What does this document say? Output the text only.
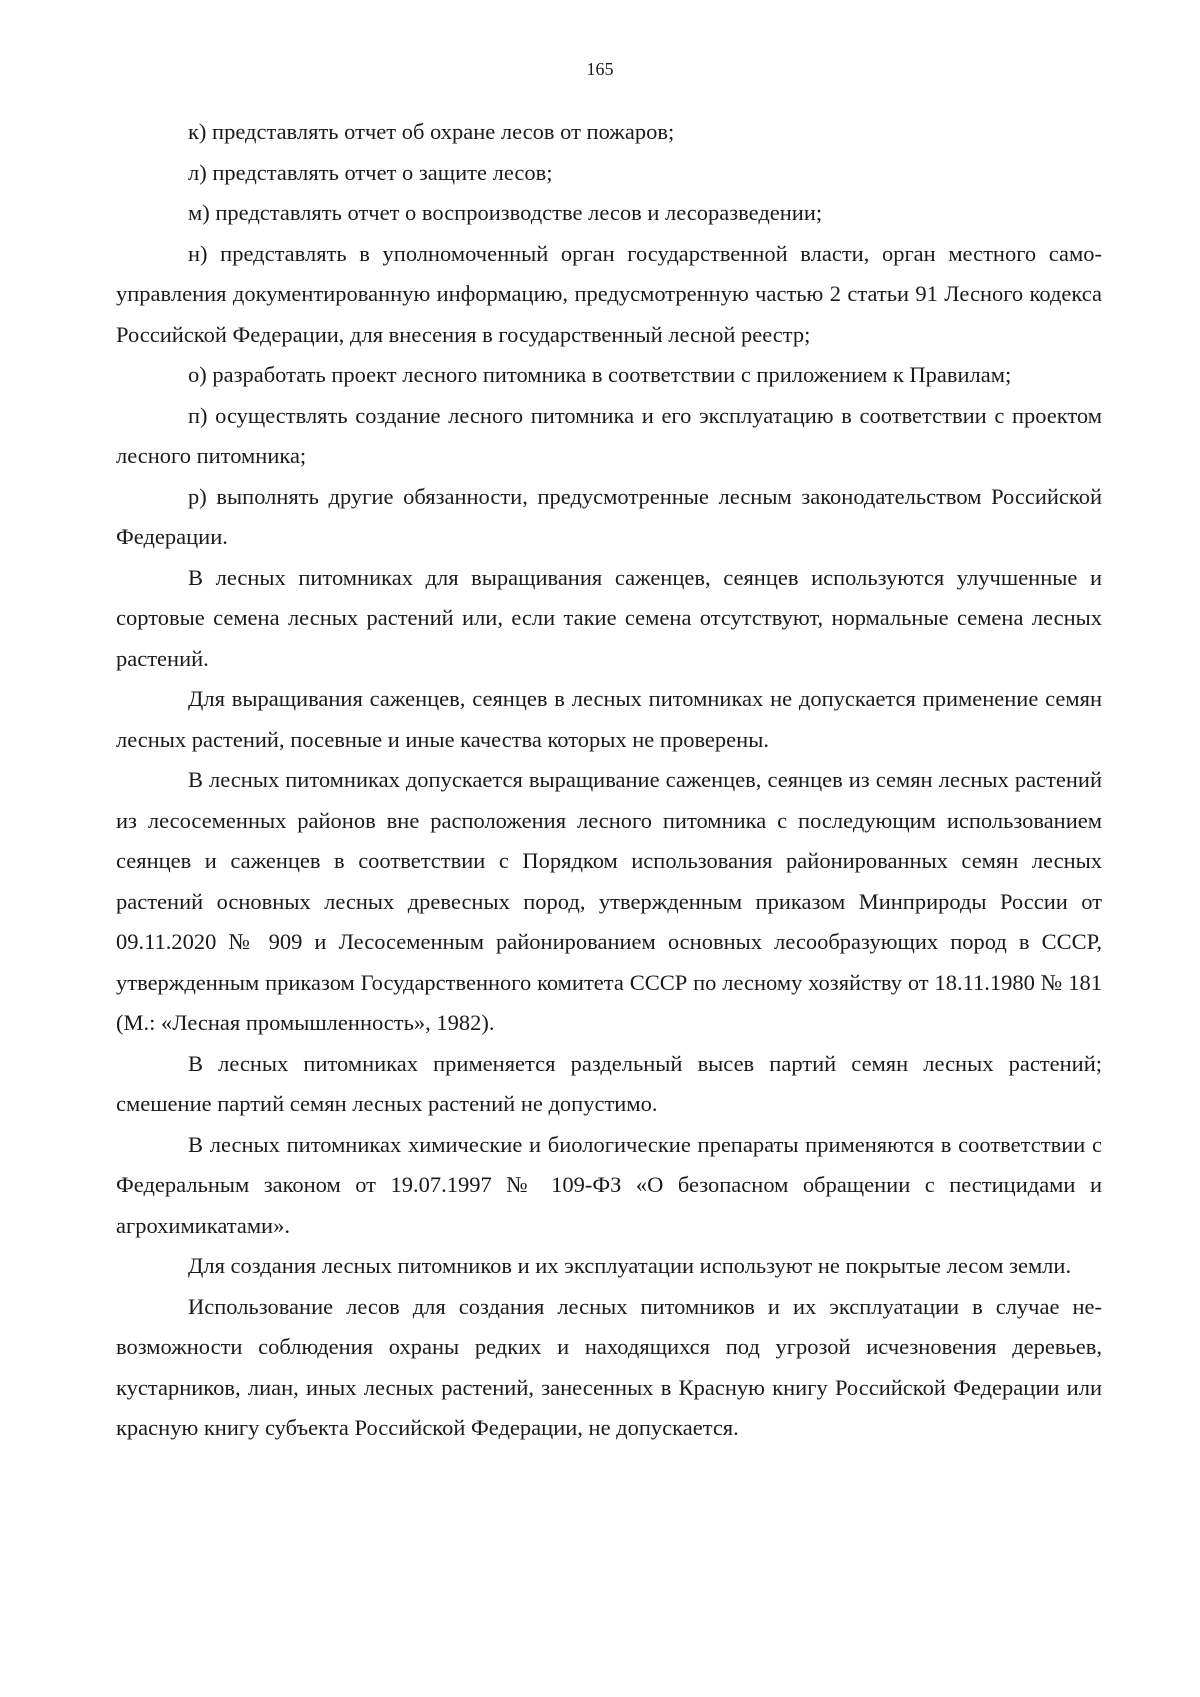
165

к) представлять отчет об охране лесов от пожаров;

л) представлять отчет о защите лесов;

м) представлять отчет о воспроизводстве лесов и лесоразведении;

н) представлять в уполномоченный орган государственной власти, орган местного самоуправления документированную информацию, предусмотренную частью 2 статьи 91 Лесного кодекса Российской Федерации, для внесения в государственный лесной реестр;

о) разработать проект лесного питомника в соответствии с приложением к Правилам;

п) осуществлять создание лесного питомника и его эксплуатацию в соответствии с проектом лесного питомника;

р) выполнять другие обязанности, предусмотренные лесным законодательством Российской Федерации.

В лесных питомниках для выращивания саженцев, сеянцев используются улучшенные и сортовые семена лесных растений или, если такие семена отсутствуют, нормальные семена лесных растений.

Для выращивания саженцев, сеянцев в лесных питомниках не допускается применение семян лесных растений, посевные и иные качества которых не проверены.

В лесных питомниках допускается выращивание саженцев, сеянцев из семян лесных растений из лесосеменных районов вне расположения лесного питомника с последующим использованием сеянцев и саженцев в соответствии с Порядком использования районированных семян лесных растений основных лесных древесных пород, утвержденным приказом Минприроды России от 09.11.2020 № 909 и Лесосеменным районированием основных лесообразующих пород в СССР, утвержденным приказом Государственного комитета СССР по лесному хозяйству от 18.11.1980 № 181 (М.: «Лесная промышленность», 1982).

В лесных питомниках применяется раздельный высев партий семян лесных растений; смешение партий семян лесных растений не допустимо.

В лесных питомниках химические и биологические препараты применяются в соответствии с Федеральным законом от 19.07.1997 № 109-ФЗ «О безопасном обращении с пестицидами и агрохимикатами».

Для создания лесных питомников и их эксплуатации используют не покрытые лесом земли.

Использование лесов для создания лесных питомников и их эксплуатации в случае невозможности соблюдения охраны редких и находящихся под угрозой исчезновения деревьев, кустарников, лиан, иных лесных растений, занесенных в Красную книгу Российской Федерации или красную книгу субъекта Российской Федерации, не допускается.
